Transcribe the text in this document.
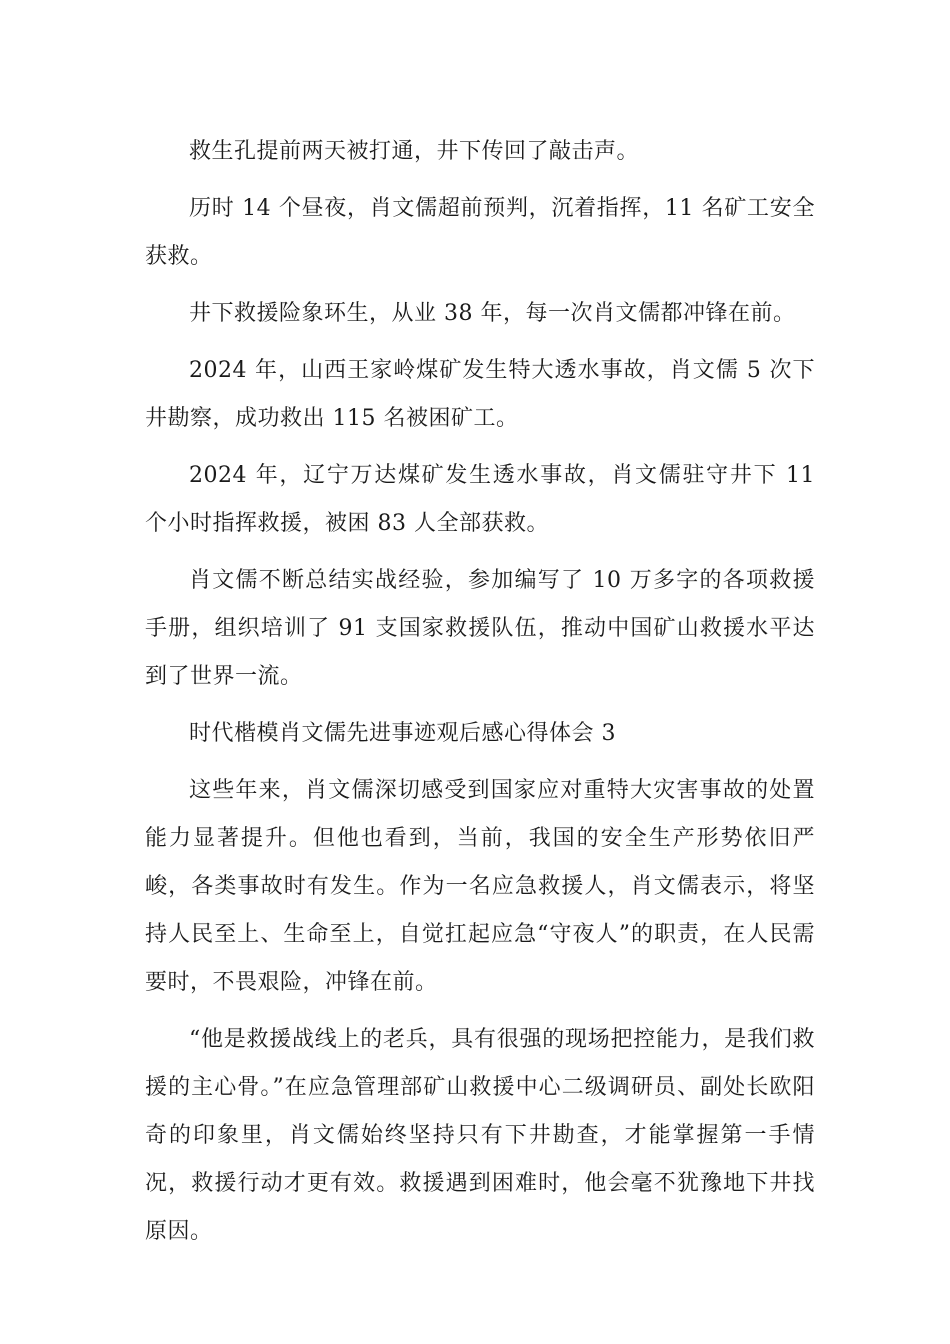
救生孔提前两天被打通，井下传回了敲击声。

历时 14 个昼夜，肖文儒超前预判，沉着指挥，11 名矿工安全获救。

井下救援险象环生，从业 38 年，每一次肖文儒都冲锋在前。

2024 年，山西王家岭煤矿发生特大透水事故，肖文儒 5 次下井勘察，成功救出 115 名被困矿工。

2024 年，辽宁万达煤矿发生透水事故，肖文儒驻守井下 11 个小时指挥救援，被困 83 人全部获救。

肖文儒不断总结实战经验，参加编写了 10 万多字的各项救援手册，组织培训了 91 支国家救援队伍，推动中国矿山救援水平达到了世界一流。

时代楷模肖文儒先进事迹观后感心得体会 3

这些年来，肖文儒深切感受到国家应对重特大灾害事故的处置能力显著提升。但他也看到，当前，我国的安全生产形势依旧严峻，各类事故时有发生。作为一名应急救援人，肖文儒表示，将坚持人民至上、生命至上，自觉扛起应急“守夜人”的职责，在人民需要时，不畏艰险，冲锋在前。

“他是救援战线上的老兵，具有很强的现场把控能力，是我们救援的主心骨。”在应急管理部矿山救援中心二级调研员、副处长欧阳奇的印象里，肖文儒始终坚持只有下井勘查，才能掌握第一手情况，救援行动才更有效。救援遇到困难时，他会毫不犹豫地下井找原因。
